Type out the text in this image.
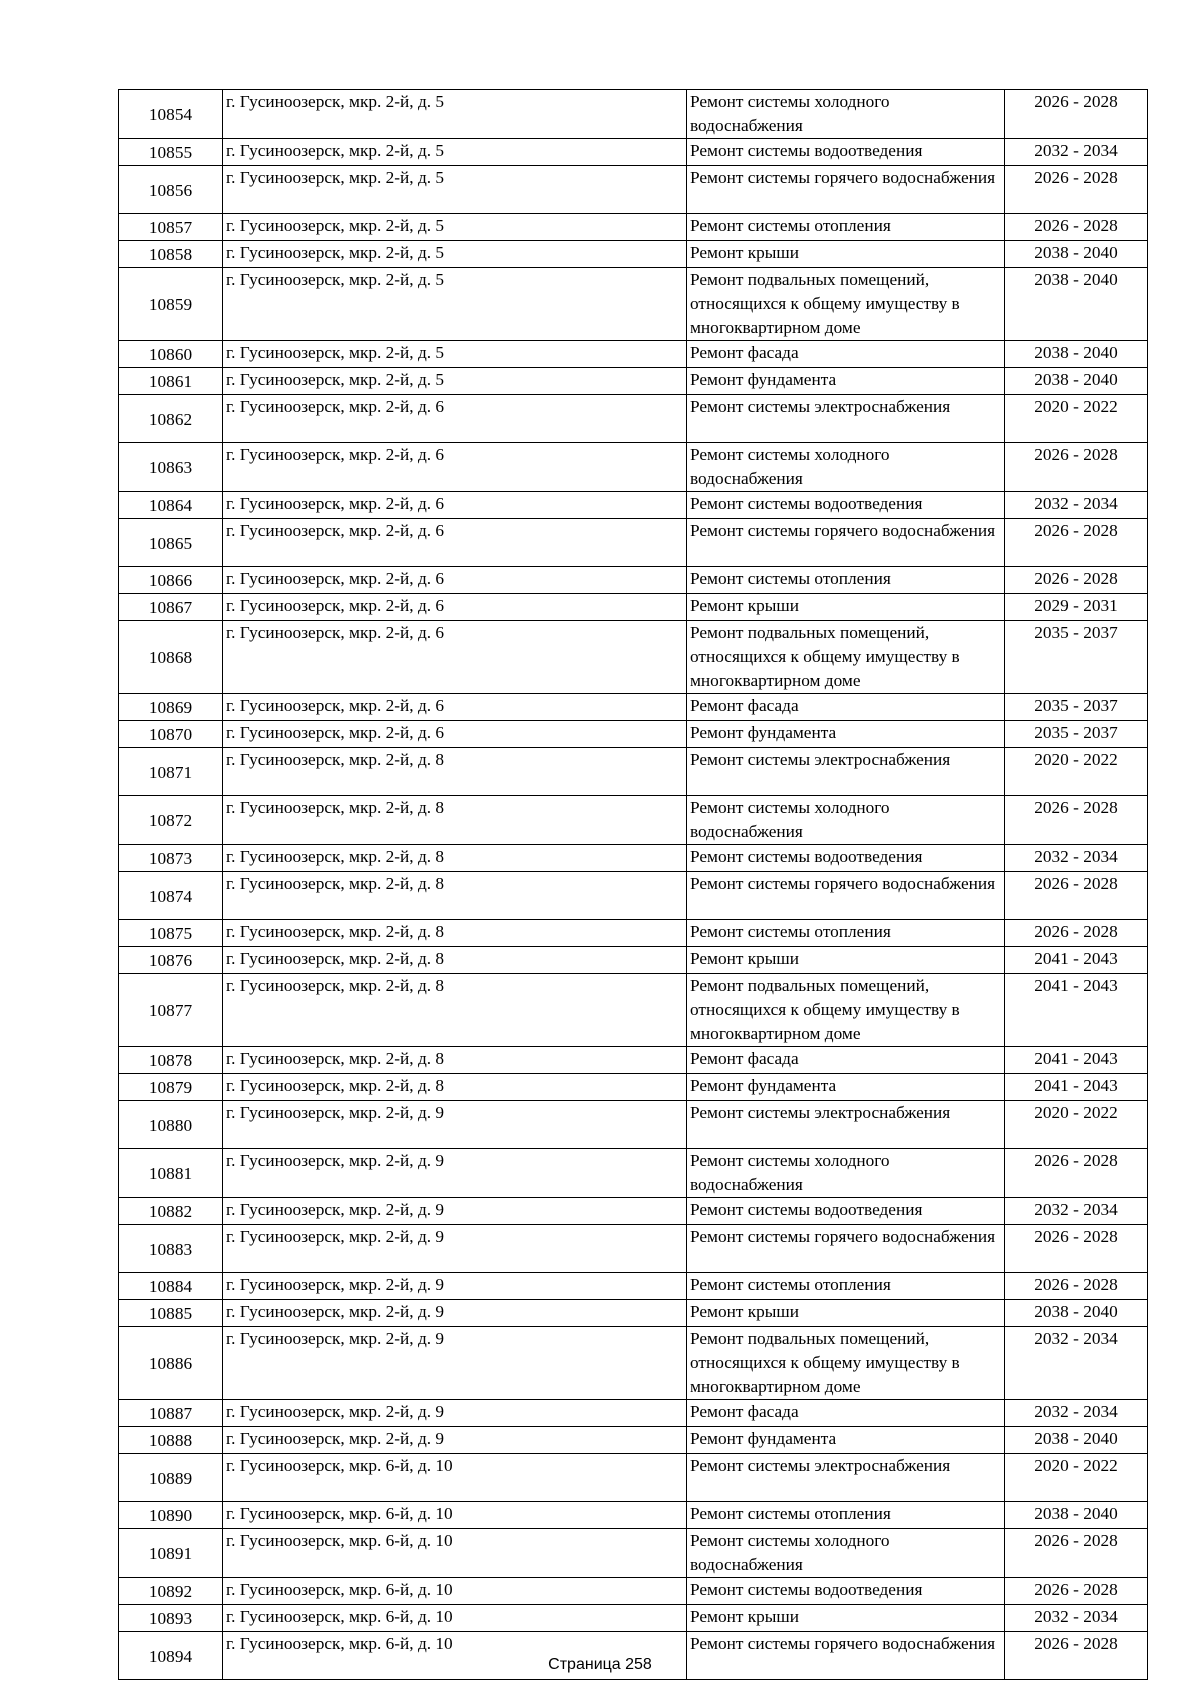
10854	г. Гусиноозерск, мкр. 2-й, д. 5	Ремонт системы холодного водоснабжения	2026 - 2028
10855	г. Гусиноозерск, мкр. 2-й, д. 5	Ремонт системы водоотведения	2032 - 2034
10856	г. Гусиноозерск, мкр. 2-й, д. 5	Ремонт системы горячего водоснабжения	2026 - 2028
10857	г. Гусиноозерск, мкр. 2-й, д. 5	Ремонт системы отопления	2026 - 2028
10858	г. Гусиноозерск, мкр. 2-й, д. 5	Ремонт крыши	2038 - 2040
10859	г. Гусиноозерск, мкр. 2-й, д. 5	Ремонт подвальных помещений, относящихся к общему имуществу в многоквартирном доме	2038 - 2040
10860	г. Гусиноозерск, мкр. 2-й, д. 5	Ремонт фасада	2038 - 2040
10861	г. Гусиноозерск, мкр. 2-й, д. 5	Ремонт фундамента	2038 - 2040
10862	г. Гусиноозерск, мкр. 2-й, д. 6	Ремонт системы электроснабжения	2020 - 2022
10863	г. Гусиноозерск, мкр. 2-й, д. 6	Ремонт системы холодного водоснабжения	2026 - 2028
10864	г. Гусиноозерск, мкр. 2-й, д. 6	Ремонт системы водоотведения	2032 - 2034
10865	г. Гусиноозерск, мкр. 2-й, д. 6	Ремонт системы горячего водоснабжения	2026 - 2028
10866	г. Гусиноозерск, мкр. 2-й, д. 6	Ремонт системы отопления	2026 - 2028
10867	г. Гусиноозерск, мкр. 2-й, д. 6	Ремонт крыши	2029 - 2031
10868	г. Гусиноозерск, мкр. 2-й, д. 6	Ремонт подвальных помещений, относящихся к общему имуществу в многоквартирном доме	2035 - 2037
10869	г. Гусиноозерск, мкр. 2-й, д. 6	Ремонт фасада	2035 - 2037
10870	г. Гусиноозерск, мкр. 2-й, д. 6	Ремонт фундамента	2035 - 2037
10871	г. Гусиноозерск, мкр. 2-й, д. 8	Ремонт системы электроснабжения	2020 - 2022
10872	г. Гусиноозерск, мкр. 2-й, д. 8	Ремонт системы холодного водоснабжения	2026 - 2028
10873	г. Гусиноозерск, мкр. 2-й, д. 8	Ремонт системы водоотведения	2032 - 2034
10874	г. Гусиноозерск, мкр. 2-й, д. 8	Ремонт системы горячего водоснабжения	2026 - 2028
10875	г. Гусиноозерск, мкр. 2-й, д. 8	Ремонт системы отопления	2026 - 2028
10876	г. Гусиноозерск, мкр. 2-й, д. 8	Ремонт крыши	2041 - 2043
10877	г. Гусиноозерск, мкр. 2-й, д. 8	Ремонт подвальных помещений, относящихся к общему имуществу в многоквартирном доме	2041 - 2043
10878	г. Гусиноозерск, мкр. 2-й, д. 8	Ремонт фасада	2041 - 2043
10879	г. Гусиноозерск, мкр. 2-й, д. 8	Ремонт фундамента	2041 - 2043
10880	г. Гусиноозерск, мкр. 2-й, д. 9	Ремонт системы электроснабжения	2020 - 2022
10881	г. Гусиноозерск, мкр. 2-й, д. 9	Ремонт системы холодного водоснабжения	2026 - 2028
10882	г. Гусиноозерск, мкр. 2-й, д. 9	Ремонт системы водоотведения	2032 - 2034
10883	г. Гусиноозерск, мкр. 2-й, д. 9	Ремонт системы горячего водоснабжения	2026 - 2028
10884	г. Гусиноозерск, мкр. 2-й, д. 9	Ремонт системы отопления	2026 - 2028
10885	г. Гусиноозерск, мкр. 2-й, д. 9	Ремонт крыши	2038 - 2040
10886	г. Гусиноозерск, мкр. 2-й, д. 9	Ремонт подвальных помещений, относящихся к общему имуществу в многоквартирном доме	2032 - 2034
10887	г. Гусиноозерск, мкр. 2-й, д. 9	Ремонт фасада	2032 - 2034
10888	г. Гусиноозерск, мкр. 2-й, д. 9	Ремонт фундамента	2038 - 2040
10889	г. Гусиноозерск, мкр. 6-й, д. 10	Ремонт системы электроснабжения	2020 - 2022
10890	г. Гусиноозерск, мкр. 6-й, д. 10	Ремонт системы отопления	2038 - 2040
10891	г. Гусиноозерск, мкр. 6-й, д. 10	Ремонт системы холодного водоснабжения	2026 - 2028
10892	г. Гусиноозерск, мкр. 6-й, д. 10	Ремонт системы водоотведения	2026 - 2028
10893	г. Гусиноозерск, мкр. 6-й, д. 10	Ремонт крыши	2032 - 2034
10894	г. Гусиноозерск, мкр. 6-й, д. 10	Ремонт системы горячего водоснабжения	2026 - 2028
Страница 258
